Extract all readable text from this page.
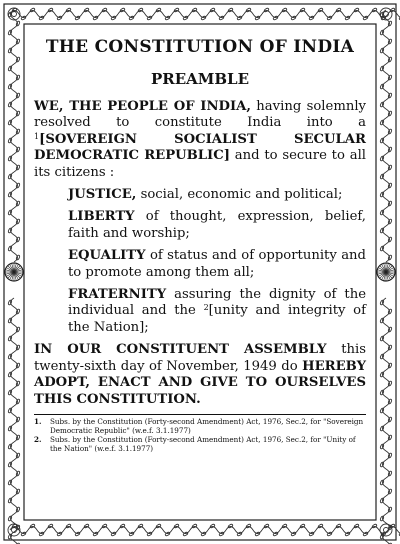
THE CONSTITUTION OF INDIA
PREAMBLE

WE, THE PEOPLE OF INDIA, having solemnly resolved to constitute India into a $^1$[SOVEREIGN SOCIALIST SECULAR DEMOCRATIC REPUBLIC] and to secure to all its citizens :

JUSTICE, social, economic and political;

LIBERTY of thought, expression, belief, faith and worship;

EQUALITY of status and of opportunity and to promote among them all;

FRATERNITY assuring the dignity of the individual and the $^2$[unity and integrity of the Nation];

IN OUR CONSTITUENT ASSEMBLY this twenty-sixth day of November, 1949 do HEREBY ADOPT, ENACT AND GIVE TO OURSELVES THIS CONSTITUTION.

1.	Subs. by the Constitution (Forty-second Amendment) Act, 1976, Sec.2, for "Sovereign Democratic Republic" (w.e.f. 3.1.1977)
2.	Subs. by the Constitution (Forty-second Amendment) Act, 1976, Sec.2, for "Unity of the Nation" (w.e.f. 3.1.1977)
